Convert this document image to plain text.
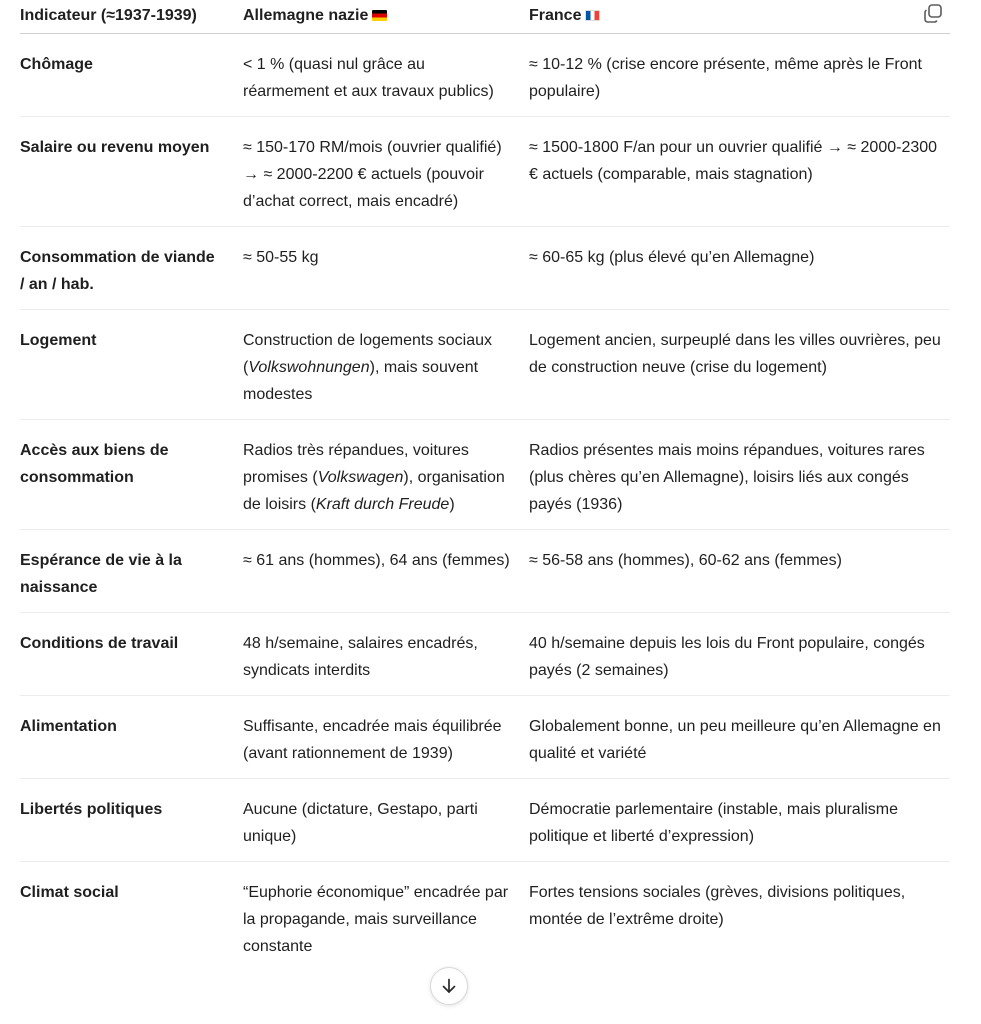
Indicateur (≈1937-1939)	Allemagne nazie	France
Chômage	< 1 % (quasi nul grâce au réarmement et aux travaux publics)	≈ 10-12 % (crise encore présente, même après le Front populaire)
Salaire ou revenu moyen	≈ 150-170 RM/mois (ouvrier qualifié) → ≈ 2000-2200 € actuels (pouvoir d’achat correct, mais encadré)	≈ 1500-1800 F/an pour un ouvrier qualifié → ≈ 2000-2300 € actuels (comparable, mais stagnation)
Consommation de viande / an / hab.	≈ 50-55 kg	≈ 60-65 kg (plus élevé qu’en Allemagne)
Logement	Construction de logements sociaux (Volkswohnungen), mais souvent modestes	Logement ancien, surpeuplé dans les villes ouvrières, peu de construction neuve (crise du logement)
Accès aux biens de consommation	Radios très répandues, voitures promises (Volkswagen), organisation de loisirs (Kraft durch Freude)	Radios présentes mais moins répandues, voitures rares (plus chères qu’en Allemagne), loisirs liés aux congés payés (1936)
Espérance de vie à la naissance	≈ 61 ans (hommes), 64 ans (femmes)	≈ 56-58 ans (hommes), 60-62 ans (femmes)
Conditions de travail	48 h/semaine, salaires encadrés, syndicats interdits	40 h/semaine depuis les lois du Front populaire, congés payés (2 semaines)
Alimentation	Suffisante, encadrée mais équilibrée (avant rationnement de 1939)	Globalement bonne, un peu meilleure qu’en Allemagne en qualité et variété
Libertés politiques	Aucune (dictature, Gestapo, parti unique)	Démocratie parlementaire (instable, mais pluralisme politique et liberté d’expression)
Climat social	“Euphorie économique” encadrée par la propagande, mais surveillance constante	Fortes tensions sociales (grèves, divisions politiques, montée de l’extrême droite)
